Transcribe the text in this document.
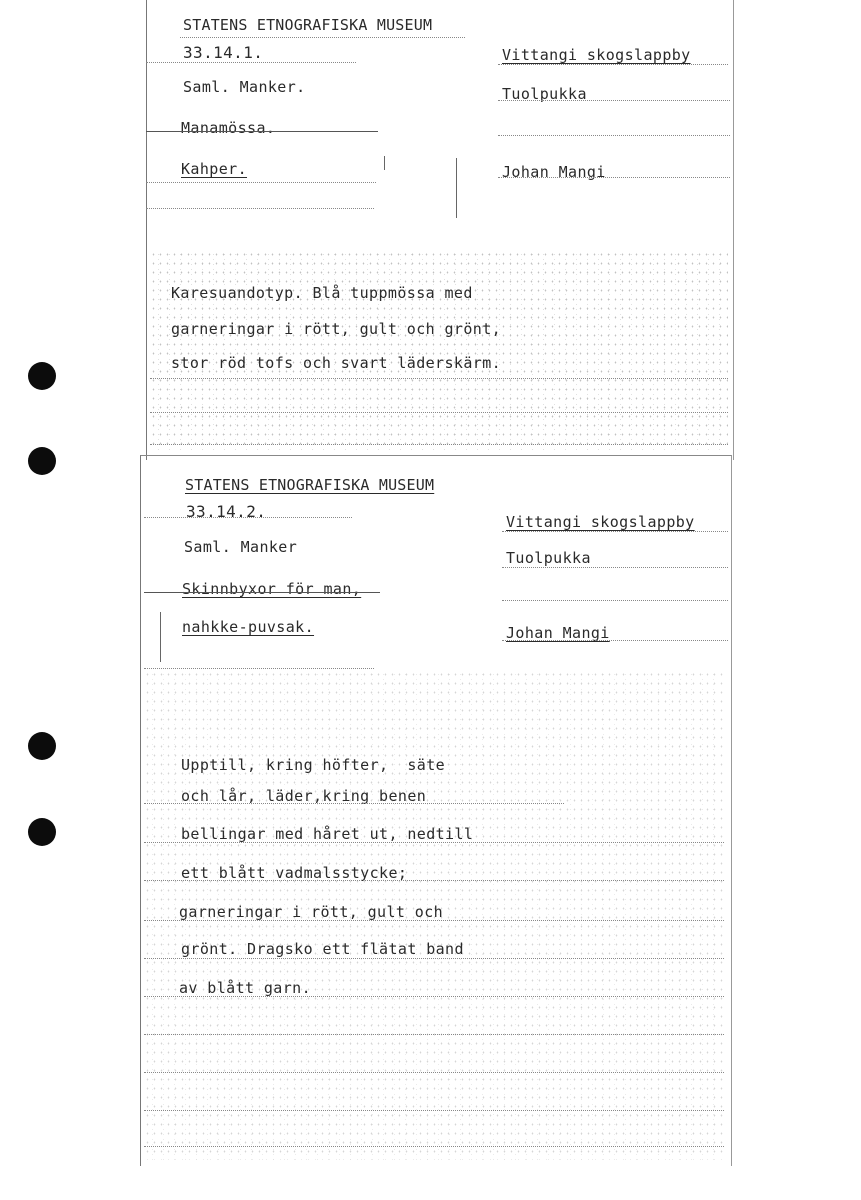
STATENS ETNOGRAFISKA MUSEUM
33.14.1.	Vittangi skogslappby
Saml. Manker.	Tuolpukka
Manamössa.
Kahper.	Johan Mangi
Karesuandotyp. Blå tuppmössa med
garneringar i rött, gult och grönt,
stor röd tofs och svart läderskärm.
STATENS ETNOGRAFISKA MUSEUM
33.14.2.
Vittangi skogslappby
Saml. Manker
Tuolpukka
Skinnbyxor för man,
nahkke-puvsak.	Johan Mangi
Upptill, kring höfter,  säte
och lår, läder,kring benen
bellingar med håret ut, nedtill
ett blått vadmalsstycke;
garneringar i rött, gult och
grönt. Dragsko ett flätat band
av blått garn.
